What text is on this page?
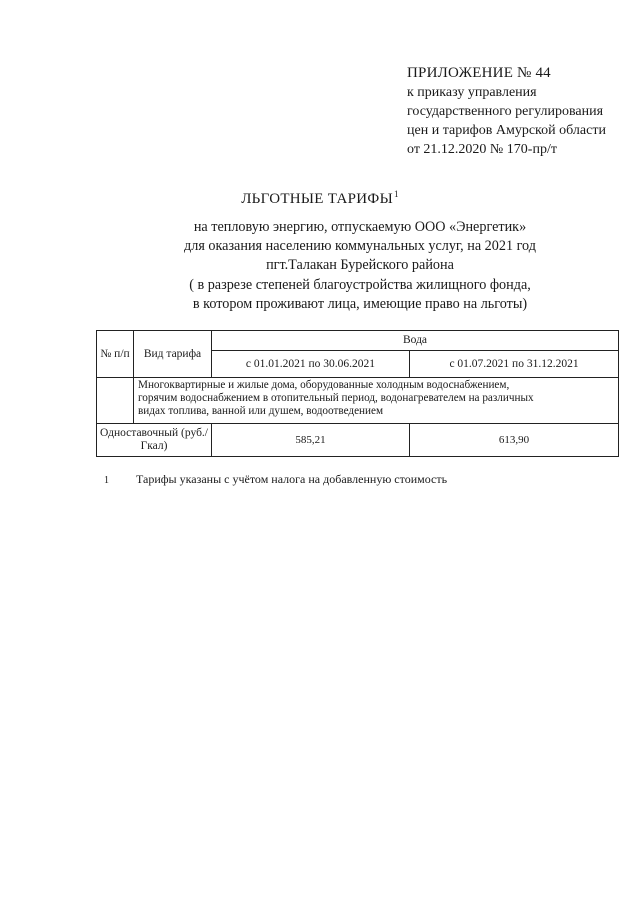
ПРИЛОЖЕНИЕ № 44
к приказу управления
государственного регулирования
цен и тарифов Амурской области
от 21.12.2020 № 170-пр/т
ЛЬГОТНЫЕ ТАРИФЫ$^1$
на тепловую энергию, отпускаемую ООО «Энергетик»
для оказания населению коммунальных услуг, на 2021 год
пгт.Талакан Бурейского района
( в разрезе степеней благоустройства жилищного фонда,
в котором проживают лица, имеющие право на льготы)
№ п/п	Вид тарифа	Вода	
		с 01.01.2021 по 30.06.2021	с 01.07.2021 по 31.12.2021

	Многоквартирные и жилые дома, оборудованные холодным водоснабжением,
горячим водоснабжением в отопительный период, водонагревателем на различных
видах топлива, ванной или душем, водоотведением		

Одноставочный (руб./Гкал)		585,21	613,90
1 Тарифы указаны с учётом налога на добавленную стоимость
